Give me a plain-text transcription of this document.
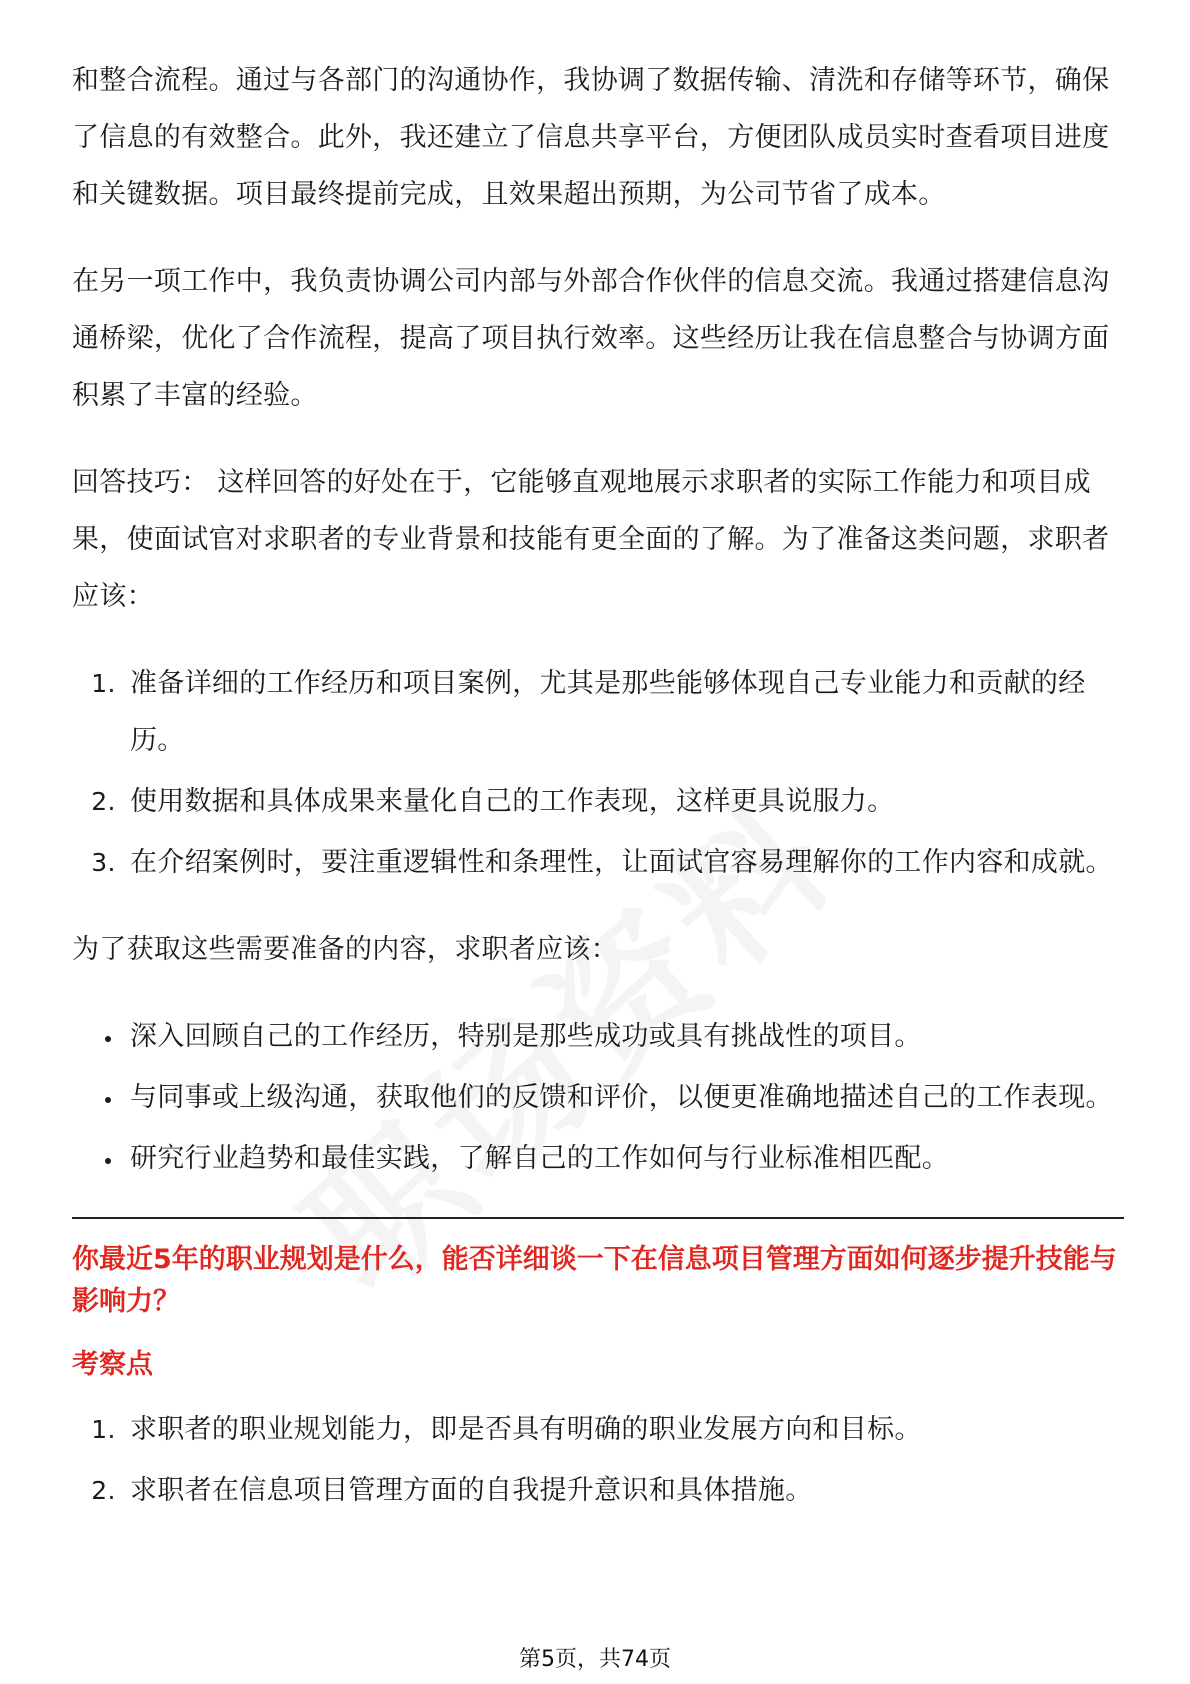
和整合流程。通过与各部门的沟通协作，我协调了数据传输、清洗和存储等环节，确保了信息的有效整合。此外，我还建立了信息共享平台，方便团队成员实时查看项目进度和关键数据。项目最终提前完成，且效果超出预期，为公司节省了成本。

在另一项工作中，我负责协调公司内部与外部合作伙伴的信息交流。我通过搭建信息沟通桥梁，优化了合作流程，提高了项目执行效率。这些经历让我在信息整合与协调方面积累了丰富的经验。

回答技巧： 这样回答的好处在于，它能够直观地展示求职者的实际工作能力和项目成果，使面试官对求职者的专业背景和技能有更全面的了解。为了准备这类问题，求职者应该：

1. 准备详细的工作经历和项目案例，尤其是那些能够体现自己专业能力和贡献的经历。
2. 使用数据和具体成果来量化自己的工作表现，这样更具说服力。
3. 在介绍案例时，要注重逻辑性和条理性，让面试官容易理解你的工作内容和成就。

为了获取这些需要准备的内容，求职者应该：

• 深入回顾自己的工作经历，特别是那些成功或具有挑战性的项目。
• 与同事或上级沟通，获取他们的反馈和评价，以便更准确地描述自己的工作表现。
• 研究行业趋势和最佳实践，了解自己的工作如何与行业标准相匹配。
你最近5年的职业规划是什么，能否详细谈一下在信息项目管理方面如何逐步提升技能与影响力？
考察点
1. 求职者的职业规划能力，即是否具有明确的职业发展方向和目标。
2. 求职者在信息项目管理方面的自我提升意识和具体措施。
第5页，共74页
